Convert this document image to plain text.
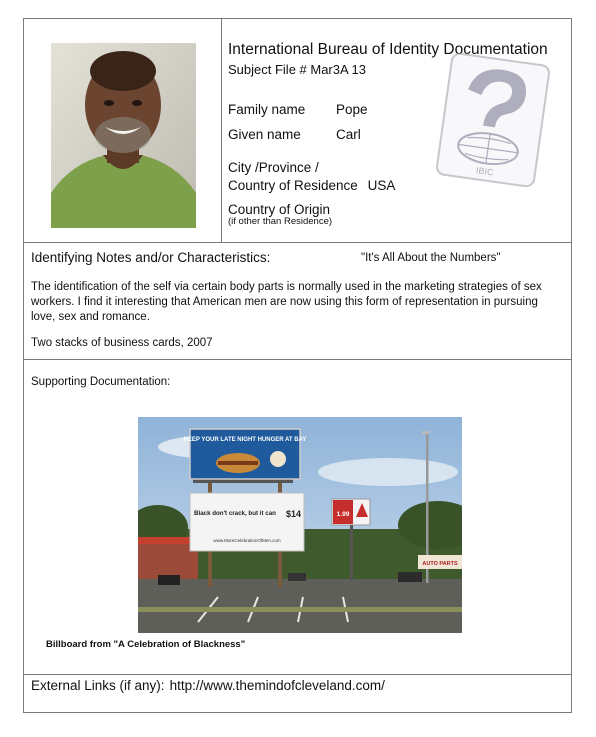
International Bureau of Identity Documentation
Subject File # Mar3A 13
IBIC
Family name Pope
Given name	Carl
City /Province /
Country of Residence USA
Country of Origin
(if other than Residence)
Identifying Notes and/or Characteristics:	"It's All About the Numbers"
The identification of the self via certain body parts is normally used in the marketing strategies of sex workers. I find it interesting that American men are now using this form of representation in pursuing love, sex and romance.
Two stacks of business cards, 2007
Supporting Documentation:
KEEP YOUR LATE NIGHT HUNGER AT BAY
Black don't crack, but it can $14
www.MoreCelebrationOfMen.com
1.99
AUTO PARTS
Billboard from "A Celebration of Blackness"
External Links (if any): http://www.themindofcleveland.com/
